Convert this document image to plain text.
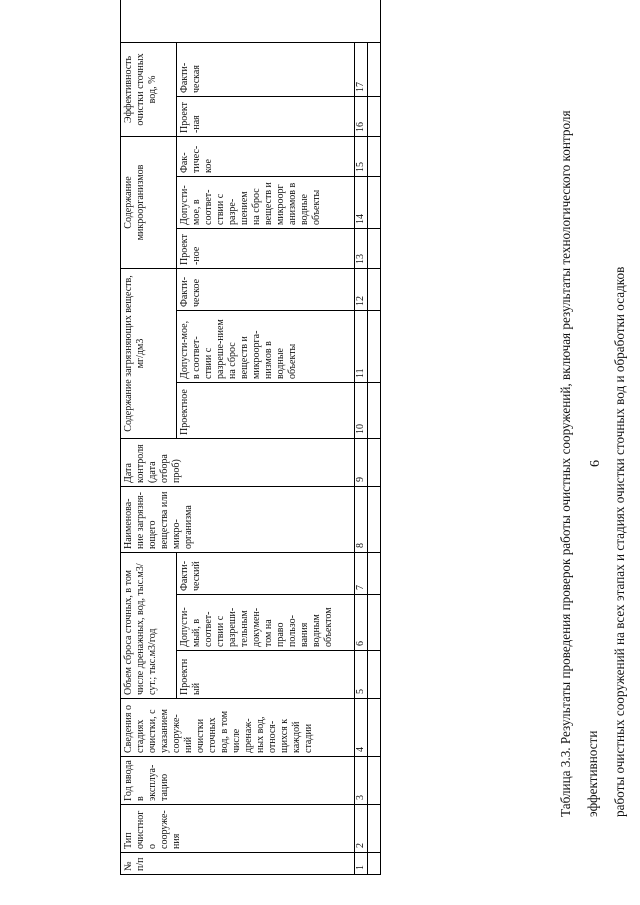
6
Таблица 3.3. Результаты проведения проверок работы очистных сооружений, включая результаты технологического контроля эффективности работы очистных сооружений на всех этапах и стадиях очистки сточных вод и обработки осадков
№ п/п	Тип очистного сооруже-ния	Год ввода в эксплуа-тацию	Сведения о стадиях очистки, с указанием сооруже-ний очистки сточных вод, в том числе дренаж-ных вод, относя-щихся к каждой стадии	Объем сброса сточных, в том числе дренажных, вод, тыс.м3/сут.; тыс.м3/год			Наименова-ние загрязня-ющего вещества или микро-организма	Дата контроля (дата отбора проб)	Содержание загрязняющих веществ, мг/дм3			Содержание микроорганизмов			Эффективность очистки сточных вод, %		
				Проектный	Допусти-мый, в соответ-ствии с разреши-тельным докумен-том на право пользо-вания водным объектом	Факти-ческий			Проектное	Допусти-мое, в соответ-ствии с разреше-нием на сброс веществ и микроорга-низмов в водные объекты	Факти-ческое	Проект-ное	Допусти-мое, в соответ-ствии с разре-шением на сброс веществ и микроорг анизмов в водные объекты	Фак-тичес-кое	Проект-ная	Факти-ческая	
1	2	3	4	5	6	7	8	9	10	11	12	13	14	15	16	17	
